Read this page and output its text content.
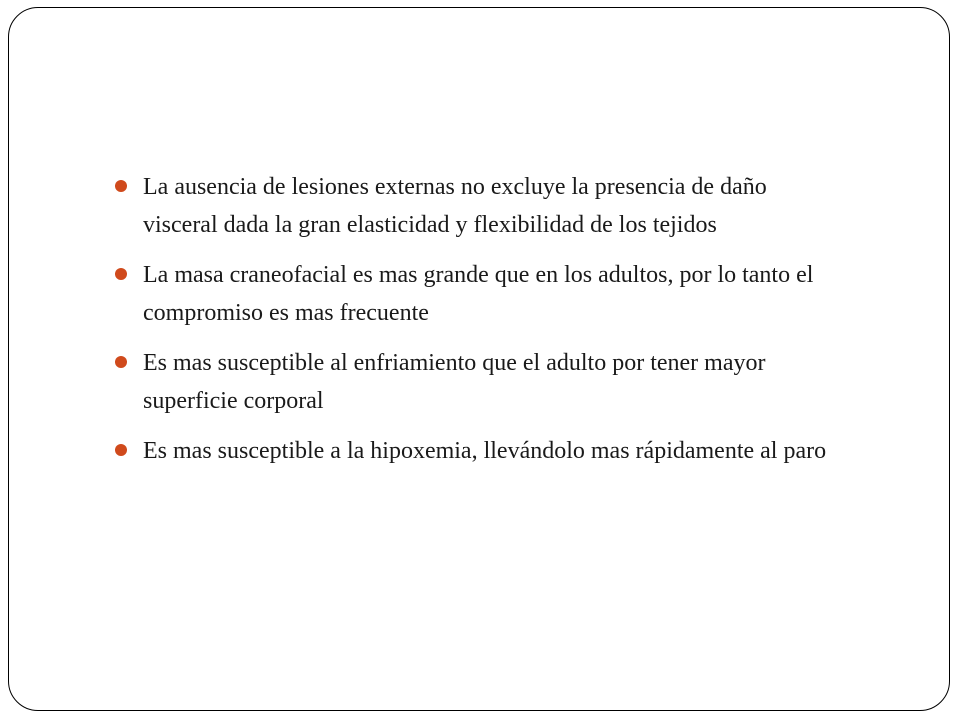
La ausencia de lesiones externas no excluye la presencia de daño visceral dada la gran elasticidad y flexibilidad de los tejidos
La masa craneofacial es mas grande que en los adultos, por lo tanto el compromiso es mas frecuente
Es mas susceptible al enfriamiento que el adulto por tener mayor superficie corporal
Es mas susceptible a la hipoxemia, llevándolo mas rápidamente al paro
